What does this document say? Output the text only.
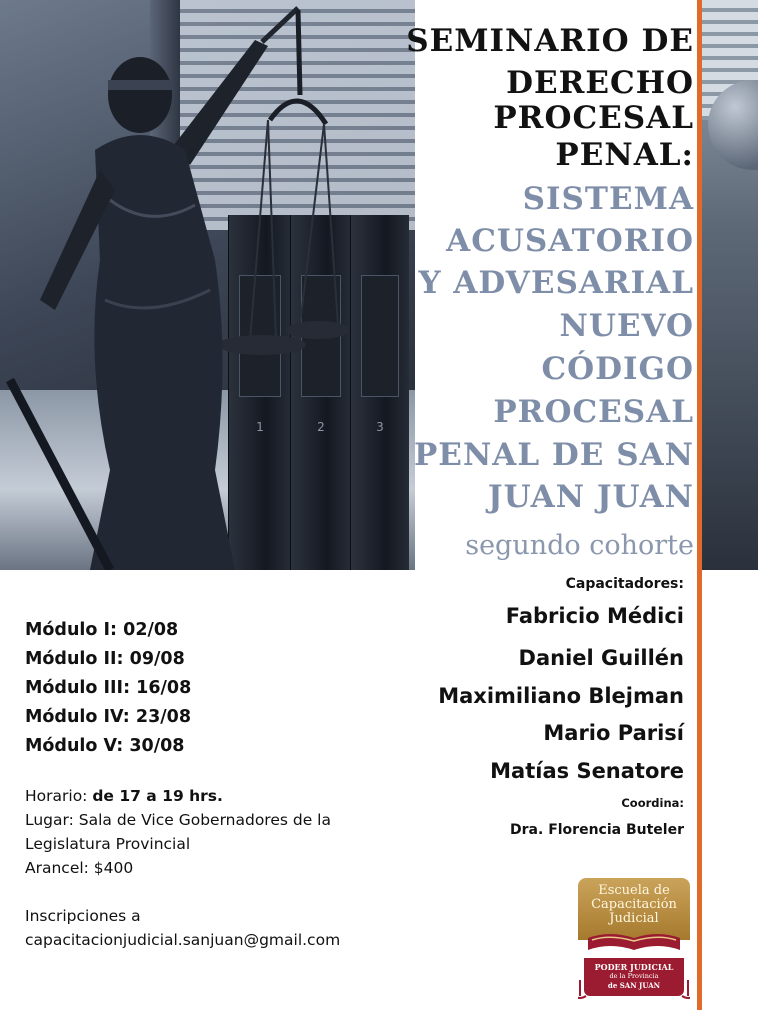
1	2	3
SEMINARIO DE
DERECHO
PROCESAL
PENAL:
SISTEMA
ACUSATORIO
Y ADVESARIAL
NUEVO
CÓDIGO
PROCESAL
PENAL DE SAN
JUAN JUAN
segundo cohorte
Capacitadores:
Fabricio Médici
Daniel Guillén
Maximiliano Blejman
Mario Parisí
Matías Senatore
Coordina:
Dra. Florencia Buteler
Módulo I: 02/08
Módulo II: 09/08
Módulo III: 16/08
Módulo IV: 23/08
Módulo V: 30/08
Horario: de 17 a 19 hrs.
Lugar: Sala de Vice Gobernadores de la
Legislatura Provincial
Arancel: $400
Inscripciones a
capacitacionjudicial.sanjuan@gmail.com
Escuela de
Capacitación
Judicial
PODER JUDICIAL
de la Provincia
de SAN JUAN
